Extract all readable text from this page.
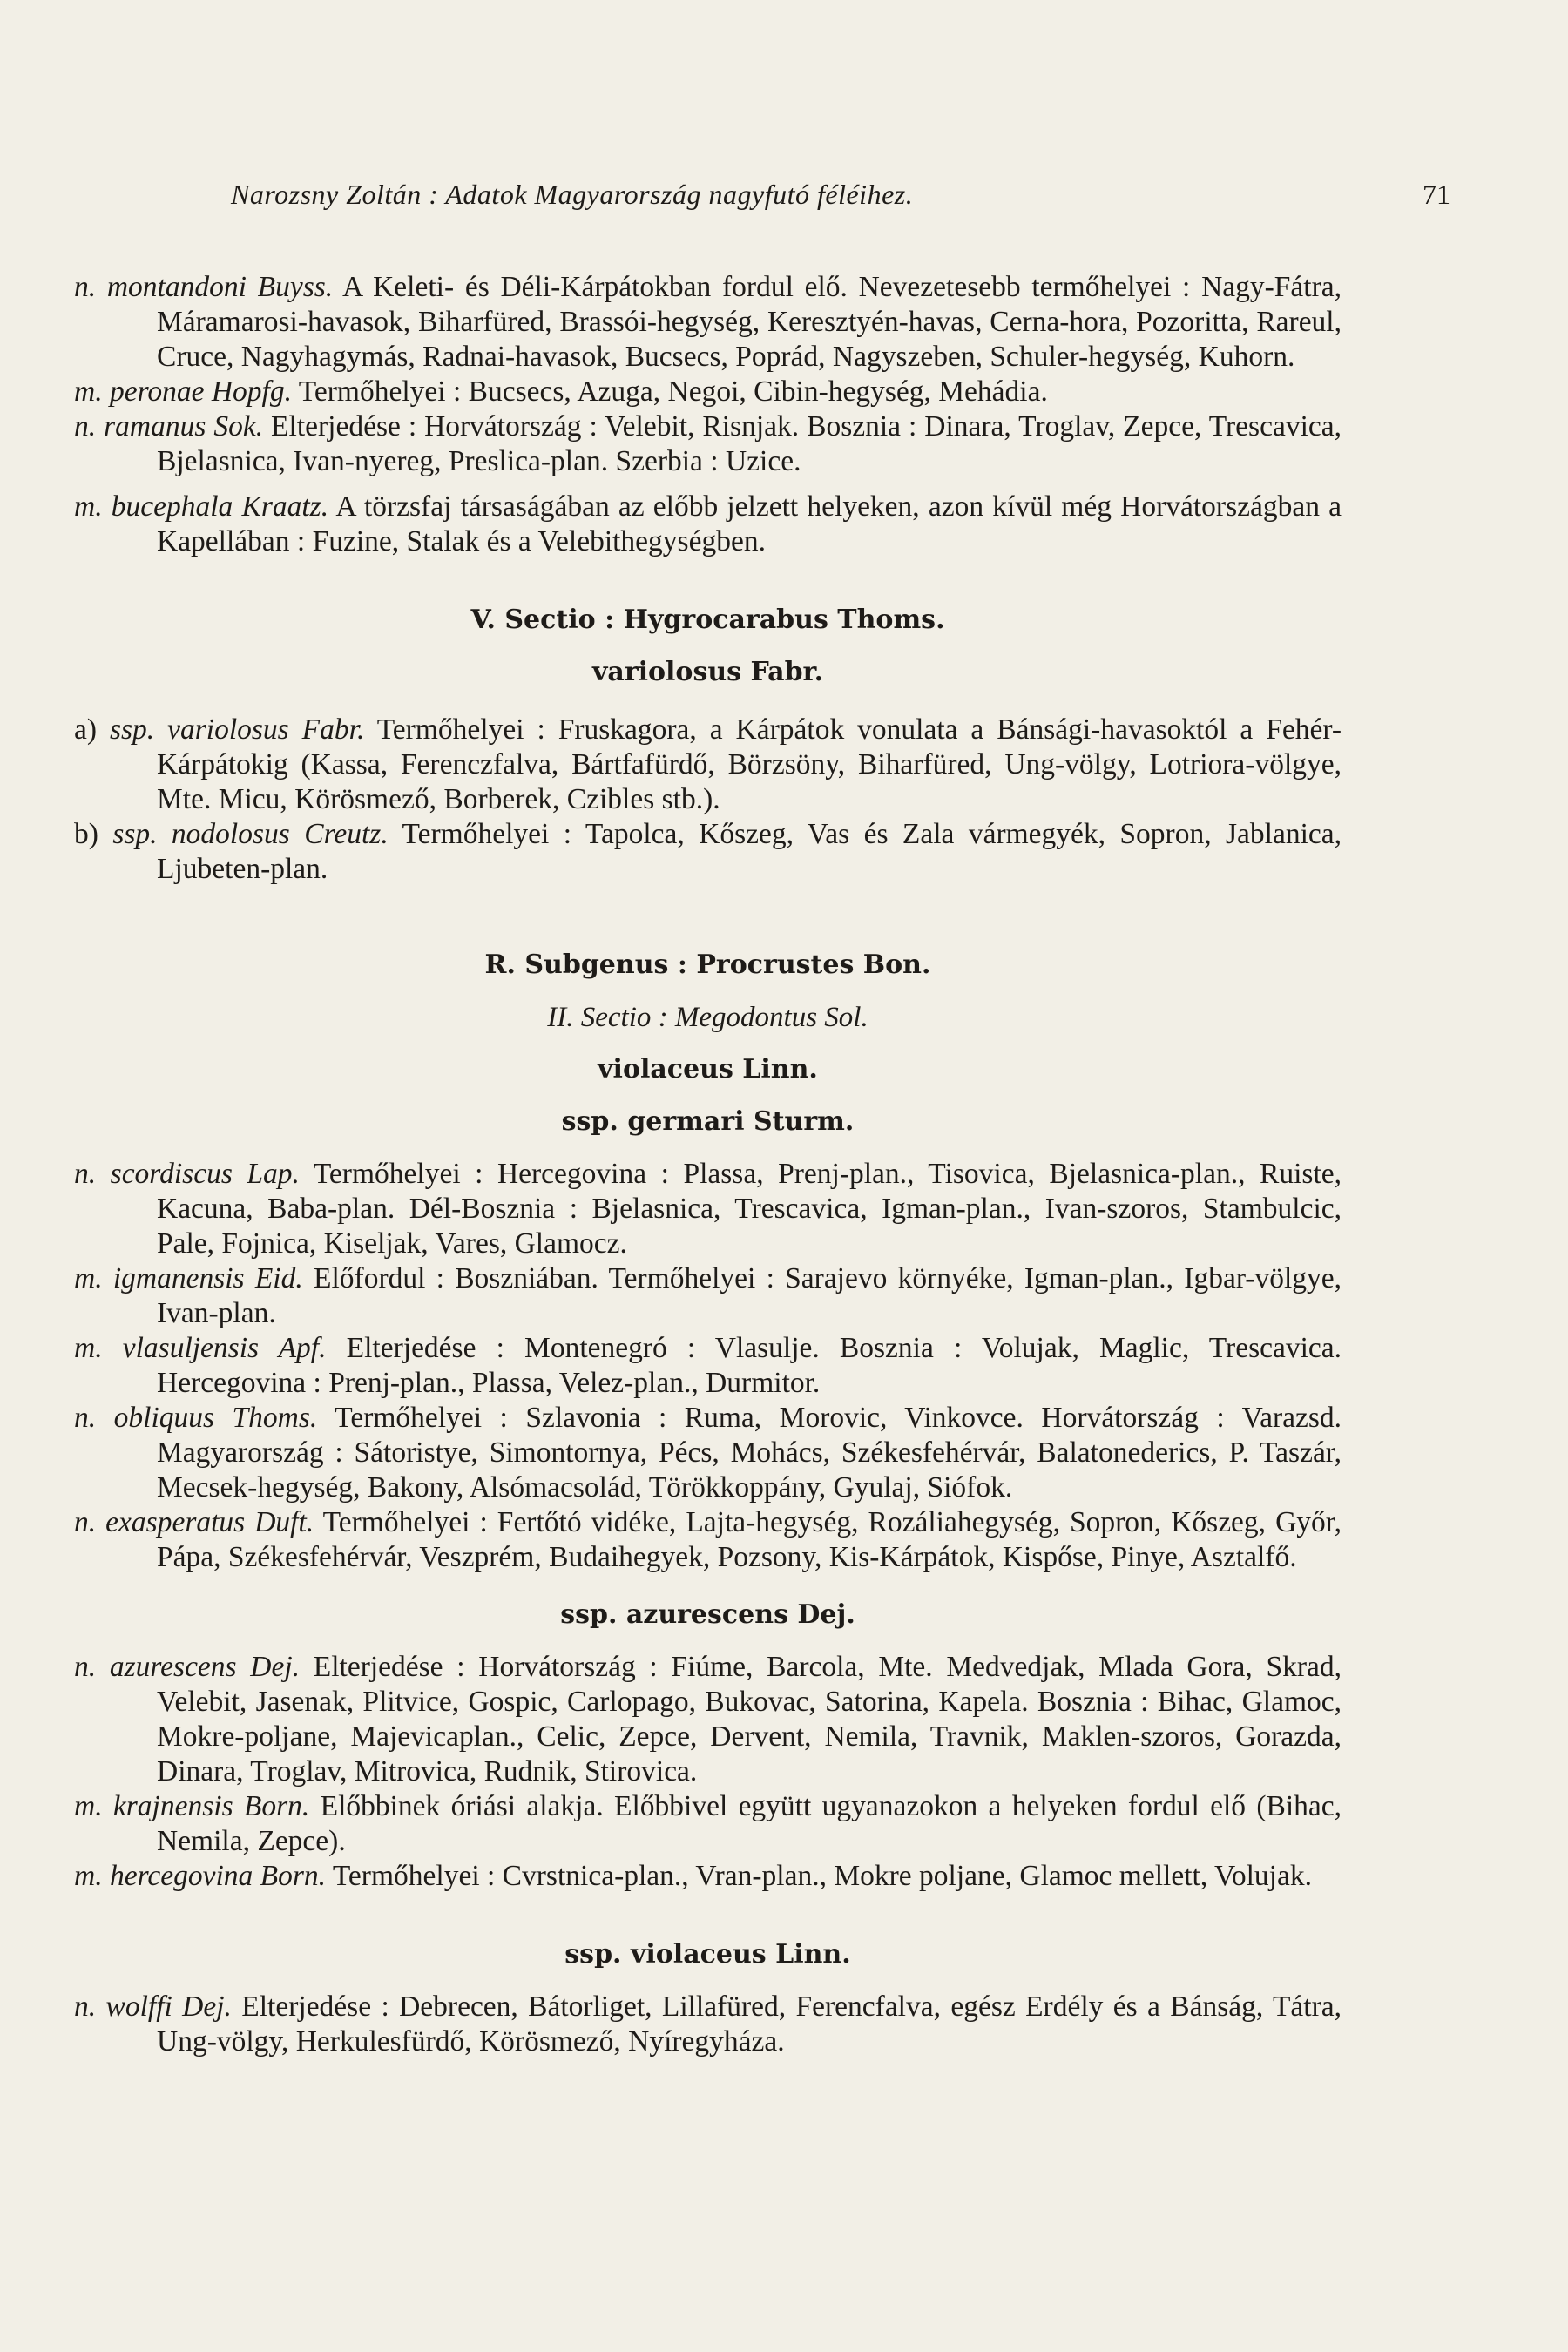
Narozsny Zoltán : Adatok Magyarország nagyfutó féléihez.	71

n. montandoni Buyss. A Keleti- és Déli-Kárpátokban fordul elő. Nevezetesebb termőhelyei : Nagy-Fátra, Máramarosi-havasok, Biharfüred, Brassói-hegység, Keresztyén-havas, Cerna-hora, Pozoritta, Rareul, Cruce, Nagyhagymás, Radnai-havasok, Bucsecs, Poprád, Nagyszeben, Schuler-hegység, Kuhorn.

m. peronae Hopfg. Termőhelyei : Bucsecs, Azuga, Negoi, Cibin-hegység, Mehádia.

n. ramanus Sok. Elterjedése : Horvátország : Velebit, Risnjak. Bosznia : Dinara, Troglav, Zepce, Trescavica, Bjelasnica, Ivan-nyereg, Preslica-plan. Szerbia : Uzice.

m. bucephala Kraatz. A törzsfaj társaságában az előbb jelzett helyeken, azon kívül még Horvátországban a Kapellában : Fuzine, Stalak és a Velebithegységben.

V. Sectio : Hygrocarabus Thoms.

variolosus Fabr.

a) ssp. variolosus Fabr. Termőhelyei : Fruskagora, a Kárpátok vonulata a Bánsági-havasoktól a Fehér-Kárpátokig (Kassa, Ferenczfalva, Bártfafürdő, Börzsöny, Biharfüred, Ung-völgy, Lotriora-völgye, Mte. Micu, Körösmező, Borberek, Czibles stb.).

b) ssp. nodolosus Creutz. Termőhelyei : Tapolca, Kőszeg, Vas és Zala vármegyék, Sopron, Jablanica, Ljubeten-plan.

R. Subgenus : Procrustes Bon.

II. Sectio : Megodontus Sol.

violaceus Linn.

ssp. germari Sturm.

n. scordiscus Lap. Termőhelyei : Hercegovina : Plassa, Prenj-plan., Tisovica, Bjelasnica-plan., Ruiste, Kacuna, Baba-plan. Dél-Bosznia : Bjelasnica, Trescavica, Igman-plan., Ivan-szoros, Stambulcic, Pale, Fojnica, Kiseljak, Vares, Glamocz.

m. igmanensis Eid. Előfordul : Boszniában. Termőhelyei : Sarajevo környéke, Igman-plan., Igbar-völgye, Ivan-plan.

m. vlasuljensis Apf. Elterjedése : Montenegró : Vlasulje. Bosznia : Volujak, Maglic, Trescavica. Hercegovina : Prenj-plan., Plassa, Velez-plan., Durmitor.

n. obliquus Thoms. Termőhelyei : Szlavonia : Ruma, Morovic, Vinkovce. Horvátország : Varazsd. Magyarország : Sátoristye, Simontornya, Pécs, Mohács, Székesfehérvár, Balatonederics, P. Taszár, Mecsek-hegység, Bakony, Alsómacsolád, Törökkoppány, Gyulaj, Siófok.

n. exasperatus Duft. Termőhelyei : Fertőtó vidéke, Lajta-hegység, Rozáliahegység, Sopron, Kőszeg, Győr, Pápa, Székesfehérvár, Veszprém, Budaihegyek, Pozsony, Kis-Kárpátok, Kispőse, Pinye, Asztalfő.

ssp. azurescens Dej.

n. azurescens Dej. Elterjedése : Horvátország : Fiúme, Barcola, Mte. Medvedjak, Mlada Gora, Skrad, Velebit, Jasenak, Plitvice, Gospic, Carlopago, Bukovac, Satorina, Kapela. Bosznia : Bihac, Glamoc, Mokre-poljane, Majevicaplan., Celic, Zepce, Dervent, Nemila, Travnik, Maklen-szoros, Gorazda, Dinara, Troglav, Mitrovica, Rudnik, Stirovica.

m. krajnensis Born. Előbbinek óriási alakja. Előbbivel együtt ugyanazokon a helyeken fordul elő (Bihac, Nemila, Zepce).

m. hercegovina Born. Termőhelyei : Cvrstnica-plan., Vran-plan., Mokre poljane, Glamoc mellett, Volujak.

ssp. violaceus Linn.

n. wolffi Dej. Elterjedése : Debrecen, Bátorliget, Lillafüred, Ferencfalva, egész Erdély és a Bánság, Tátra, Ung-völgy, Herkulesfürdő, Körösmező, Nyíregyháza.
